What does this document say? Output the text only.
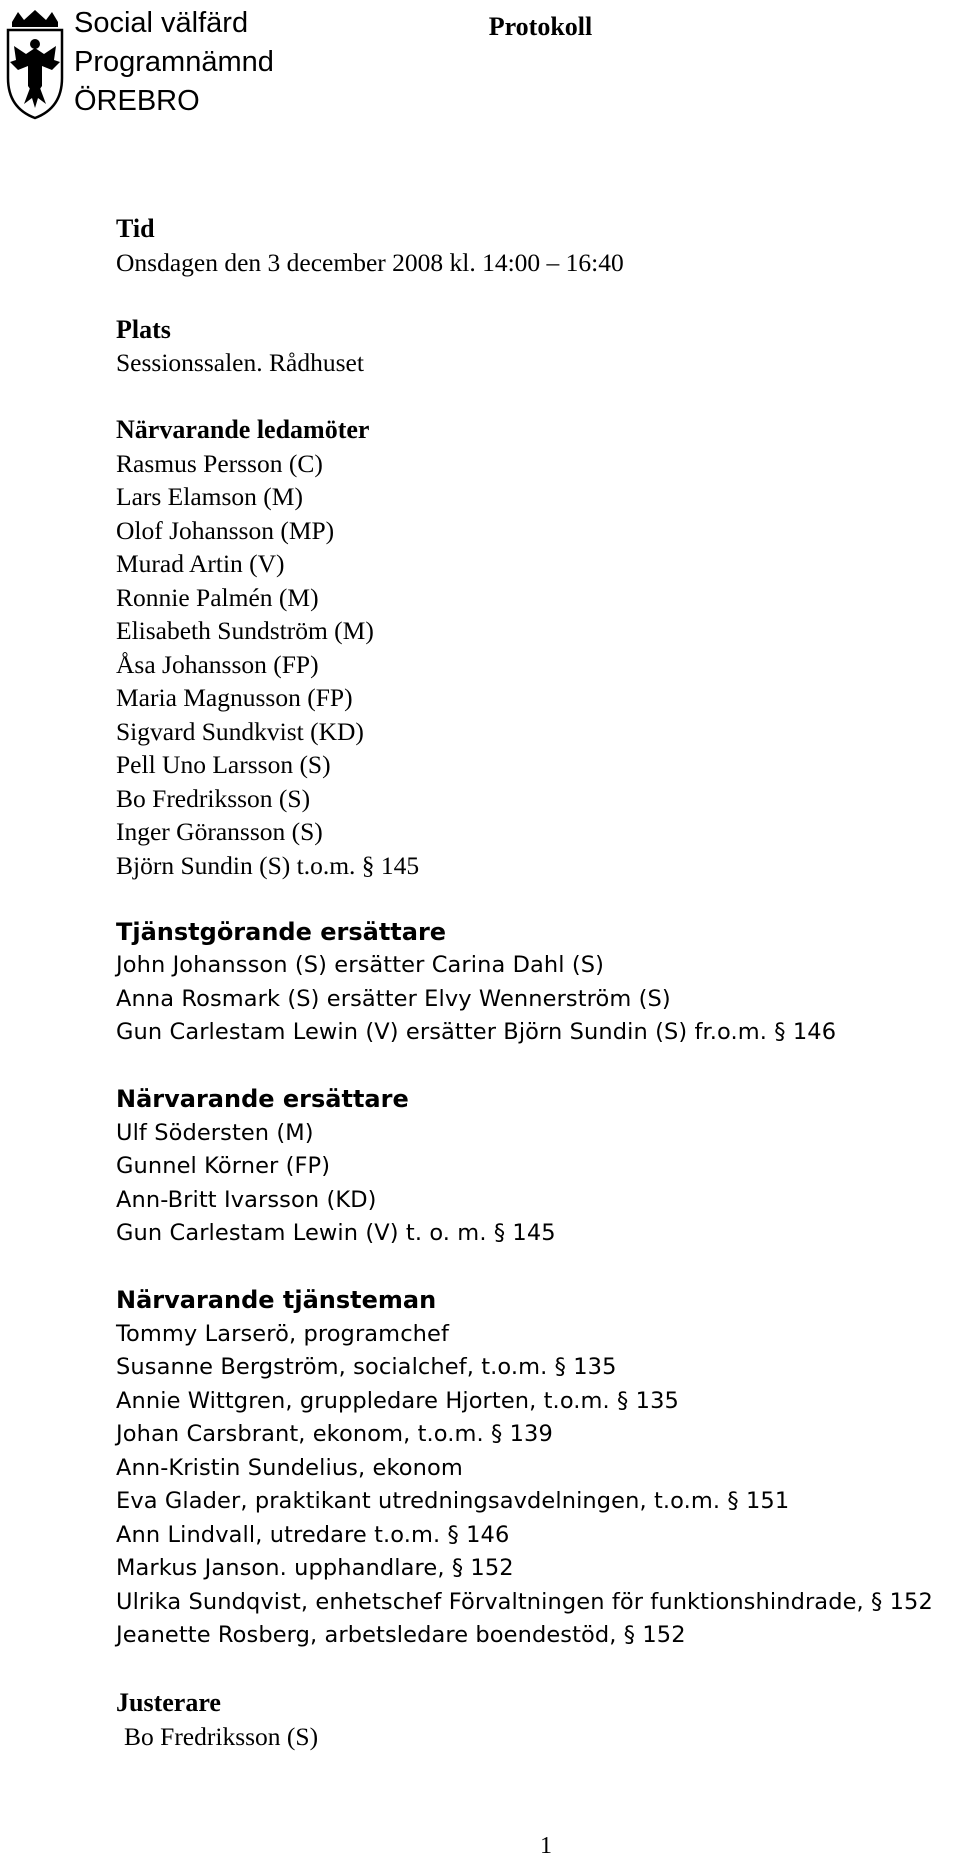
Social välfärd
Programnämnd
ÖREBRO
Protokoll
Tid
Onsdagen den 3 december 2008 kl. 14:00 – 16:40
Plats
Sessionssalen. Rådhuset
Närvarande ledamöter
Rasmus Persson (C)
Lars Elamson (M)
Olof Johansson (MP)
Murad Artin (V)
Ronnie Palmén (M)
Elisabeth Sundström (M)
Åsa Johansson (FP)
Maria Magnusson (FP)
Sigvard Sundkvist (KD)
Pell Uno Larsson (S)
Bo Fredriksson (S)
Inger Göransson (S)
Björn Sundin (S) t.o.m. § 145
Tjänstgörande ersättare
John Johansson (S) ersätter Carina Dahl (S)
Anna Rosmark (S) ersätter Elvy Wennerström (S)
Gun Carlestam Lewin (V) ersätter Björn Sundin (S) fr.o.m. § 146
Närvarande ersättare
Ulf Södersten (M)
Gunnel Körner (FP)
Ann-Britt Ivarsson (KD)
Gun Carlestam Lewin (V) t. o. m. § 145
Närvarande tjänsteman
Tommy Larserö, programchef
Susanne Bergström, socialchef, t.o.m. § 135
Annie Wittgren, gruppledare Hjorten, t.o.m. § 135
Johan Carsbrant, ekonom, t.o.m. § 139
Ann-Kristin Sundelius, ekonom
Eva Glader, praktikant utredningsavdelningen, t.o.m. § 151
Ann Lindvall, utredare t.o.m. § 146
Markus Janson. upphandlare, § 152
Ulrika Sundqvist, enhetschef Förvaltningen för funktionshindrade, § 152
Jeanette Rosberg, arbetsledare boendestöd, § 152
Justerare
Bo Fredriksson (S)
1
